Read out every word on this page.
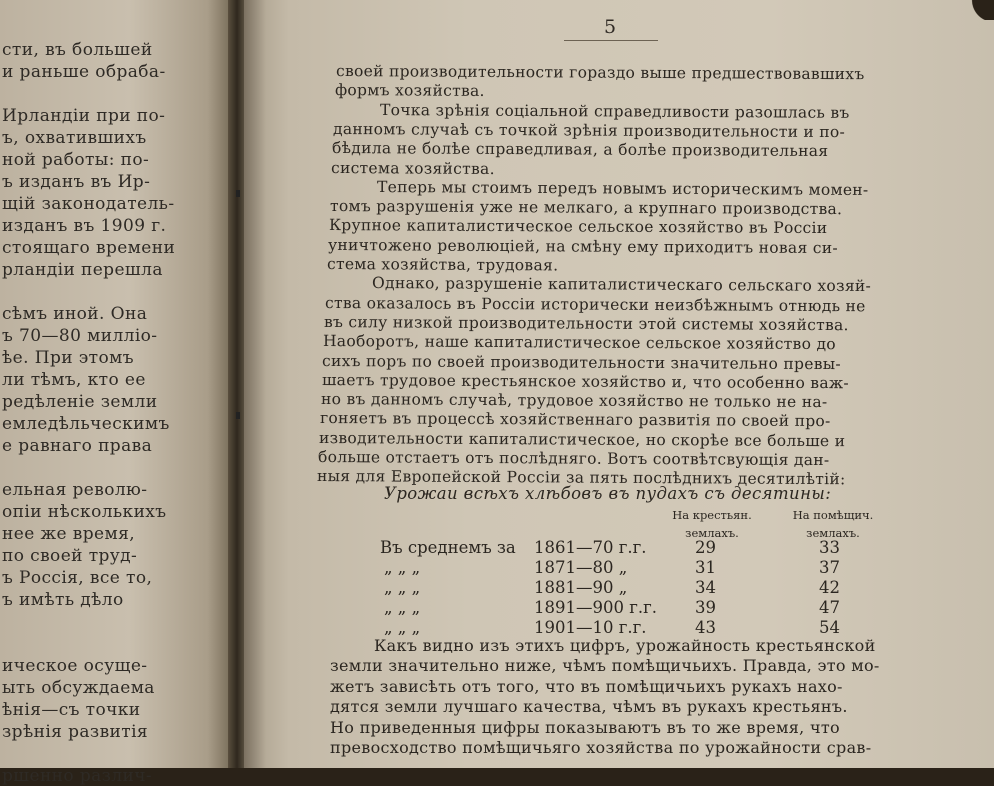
сти, въ большей
и раньше обраба-
Ирландiи при по-
ъ, охватившихъ
ной работы: по-
ъ изданъ въ Ир-
щiй законодатель-
изданъ въ 1909 г.
стоящаго времени
рландiи перешла
сѣмъ иной. Она
ъ 70—80 милліо-
ѣе. При этомъ
ли тѣмъ, кто ее
редѣленіе земли
емледѣльческимъ
е равнаго права
ельная револю-
опіи нѣсколькихъ
нее же время,
по своей труд-
ъ Россія, все то,
ъ имѣть дѣло
ическое осуще-
ыть обсуждаема
ѣнія—съ точки
зрѣнія развитія
ршенно различ-
5
Урожаи всѣхъ хлѣбовъ въ пудахъ съ десятины:
На крестьян.
землахъ.
На помѣщич.
землахъ.
Въ среднемъ за 1861—70 г.г.	29	33
„ „ „	1871—80 „	31	37
„ „ „	1881—90 „	34	42
„ „ „	1891—900 г.г.	39	47
„ „ „	1901—10 г.г.	43	54
своей производительности гораздо выше предшествовавшихъ
формъ хозяйства.
Точка зрѣнія соціальной справедливости разошлась въ
данномъ случаѣ съ точкой зрѣнія производительности и по-
бѣдила не болѣе справедливая, а болѣе производительная
система хозяйства.
Теперь мы стоимъ передъ новымъ историческимъ момен-
томъ разрушенія уже не мелкаго, а крупнаго производства.
Крупное капиталистическое сельское хозяйство въ Россіи
уничтожено революціей, на смѣну ему приходитъ новая си-
стема хозяйства, трудовая.
Однако, разрушеніе капиталистическаго сельскаго хозяй-
ства оказалось въ Россіи исторически неизбѣжнымъ отнюдь не
въ силу низкой производительности этой системы хозяйства.
Наоборотъ, наше капиталистическое сельское хозяйство до
сихъ поръ по своей производительности значительно превы-
шаетъ трудовое крестьянское хозяйство и, что особенно важ-
но въ данномъ случаѣ, трудовое хозяйство не только не на-
гоняетъ въ процессѣ хозяйственнаго развитія по своей про-
изводительности капиталистическое, но скорѣе все больше и
больше отстаетъ отъ послѣдняго. Вотъ соотвѣтсвующія дан-
ныя для Европейской Россіи за пять послѣднихъ десятилѣтій:
Какъ видно изъ этихъ цифръ, урожайность крестьянской
земли значительно ниже, чѣмъ помѣщичьихъ. Правда, это мо-
жетъ зависѣть отъ того, что въ помѣщичьихъ рукахъ нахо-
дятся земли лучшаго качества, чѣмъ въ рукахъ крестьянъ.
Но приведенныя цифры показываютъ въ то же время, что
превосходство помѣщичьяго хозяйства по урожайности срав-
